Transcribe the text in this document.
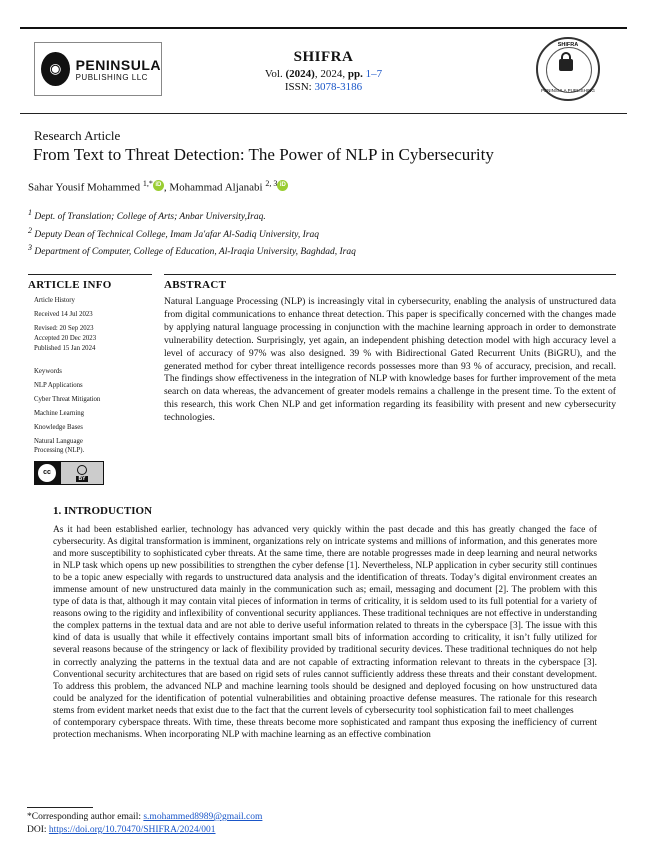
◉	PENINSULA
PUBLISHING LLC
SHIFRA
Vol. (2024), 2024, pp. 1–7
ISSN: 3078-3186
SHIFRA
PENINSULA PUBLISHING
Research Article
From Text to Threat Detection: The Power of NLP in Cybersecurity
Sahar Yousif Mohammed $^{1,*}$ iD , Mohammad Aljanabi $^{2, 3}$ iD
$^1$ Dept. of Translation; College of Arts; Anbar University,Iraq.
$^2$ Deputy Dean of Technical College, Imam Ja'afar Al-Sadiq University, Iraq
$^3$ Department of Computer, College of Education, Al-Iraqia University, Baghdad, Iraq
ARTICLE INFO
Article History
Received 14 Jul 2023
Revised: 20 Sep 2023
Accepted 20 Dec 2023
Published 15 Jan 2024
Keywords
NLP Applications
Cyber Threat Mitigation
Machine Learning
Knowledge Bases
Natural Language Processing (NLP).
cc
BY
ABSTRACT
Natural Language Processing (NLP) is increasingly vital in cybersecurity, enabling the analysis of unstructured data from digital communications to enhance threat detection. This paper is specifically concerned with the changes made by applying natural language processing in conjunction with the machine learning approach in order to demonstrate vulnerability detection. Surprisingly, yet again, an independent phishing detection model with high accuracy level a level of accuracy of 97% was also designed. 39 % with Bidirectional Gated Recurrent Units (BiGRU), and the generated method for cyber threat intelligence records possesses more than 93 % of accuracy, precision, and recall. The findings show effectiveness in the integration of NLP with knowledge bases for further improvement of the meta search on data whereas, the advancement of greater models remains a challenge in the present time. To the extent of this research, this work Chen NLP and get information regarding its feasibility with present and new cybersecurity technologies.
1. INTRODUCTION

As it had been established earlier, technology has advanced very quickly within the past decade and this has greatly changed the face of cybersecurity. As digital transformation is imminent, organizations rely on intricate systems and millions of information, and this generates more and more susceptibility to sophisticated cyber threats. At the same time, there are notable progresses made in deep learning and neural networks in NLP task which opens up new possibilities to strengthen the cyber defense [1]. Nevertheless, NLP application in cyber security still continues to be a topic anew especially with regards to unstructured data analysis and the identification of threats. Today’s digital environment creates an immense amount of new unstructured data mainly in the communication such as; email, messaging and document [2]. The problem with this type of data is that, although it may contain vital pieces of information in terms of criticality, it is seldom used to its full potential for a variety of reasons owing to the rigidity and inflexibility of conventional security appliances. These traditional techniques are not effective in understanding the complex patterns in the textual data and are not able to derive useful information related to threats in the cyberspace [3]. The issue with this kind of data is usually that while it effectively contains important small bits of information according to criticality, it isn’t fully utilized for several reasons because of the stringency or lack of flexibility provided by traditional security devices. These traditional techniques do not help in correctly analyzing the patterns in the textual data and are not capable of extracting information relevant to threats in the cyberspace [3]. Conventional security architectures that are based on rigid sets of rules cannot sufficiently address these threats and their constant development. To address this problem, the advanced NLP and machine learning tools should be designed and deployed focusing on how unstructured data could be analyzed for the identification of potential vulnerabilities and obtaining proactive defense measures. The rationale for this research stems from evident market needs that exist due to the fact that the current levels of cybersecurity tool sophistication fail to meet challenges

of contemporary cyberspace threats. With time, these threats become more sophisticated and rampant thus exposing the inefficiency of current protection mechanisms. When incorporating NLP with machine learning as an effective combination

*Corresponding author email: s.mohammed8989@gmail.com
DOI: https://doi.org/10.70470/SHIFRA/2024/001
